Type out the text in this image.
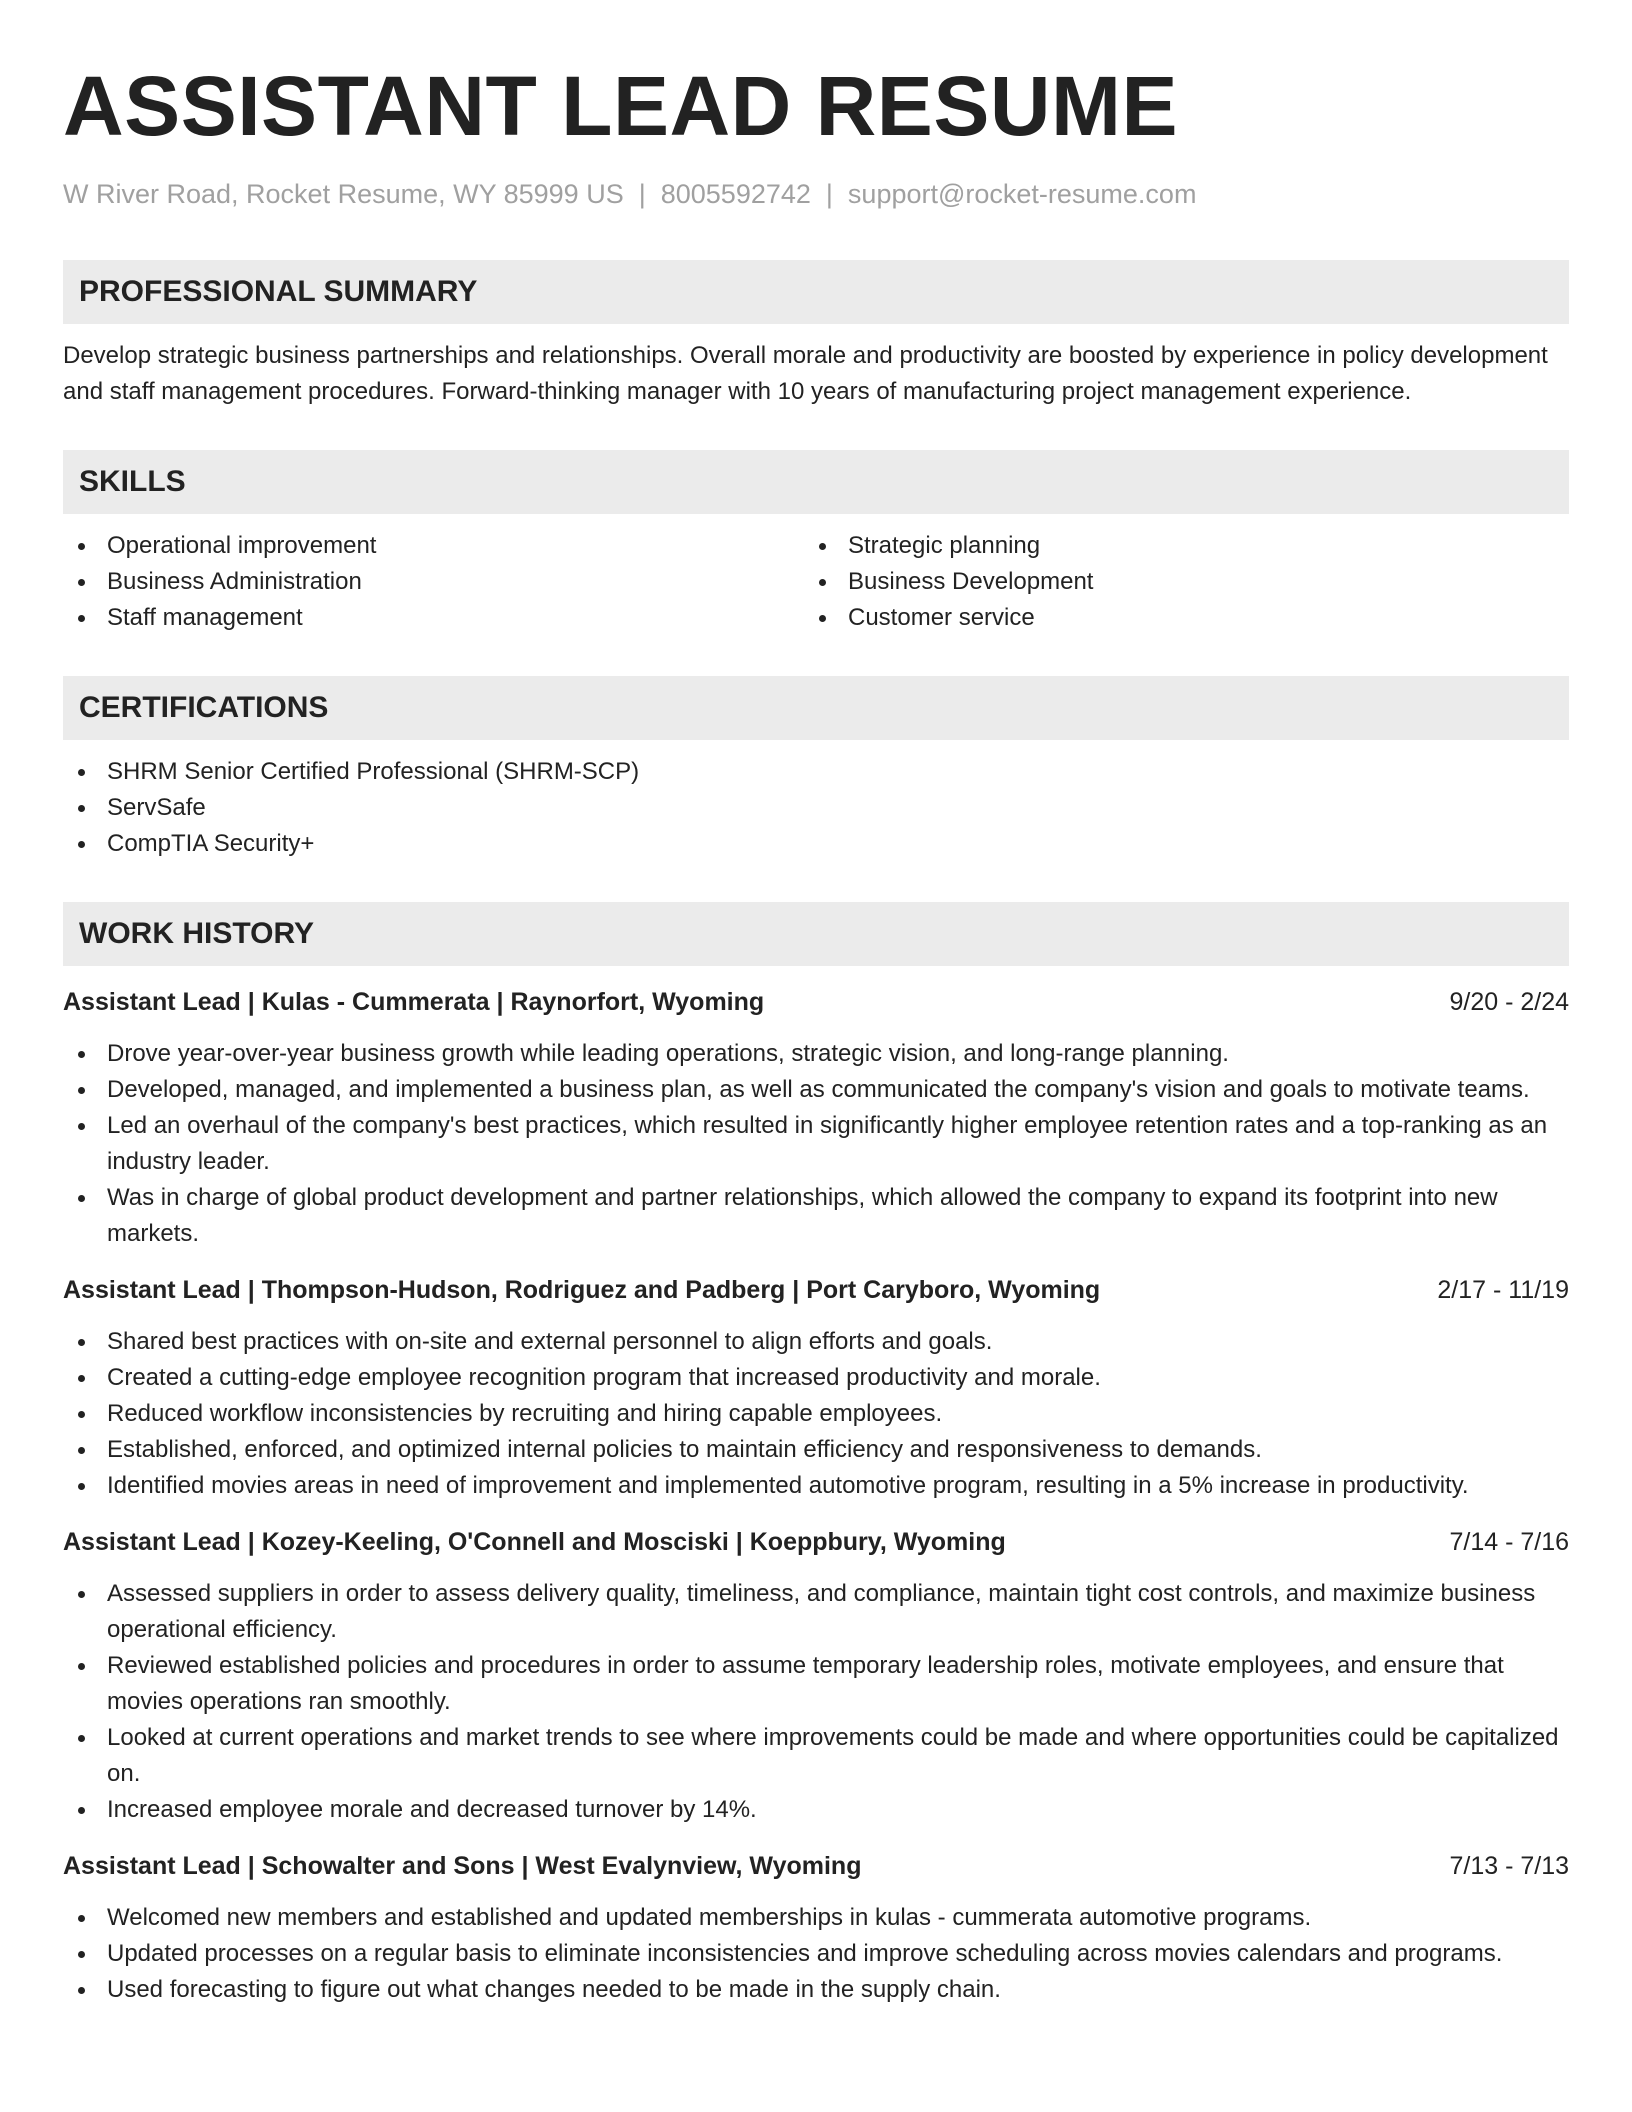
ASSISTANT LEAD RESUME
W River Road, Rocket Resume, WY 85999 US | 8005592742 | support@rocket-resume.com
PROFESSIONAL SUMMARY
Develop strategic business partnerships and relationships. Overall morale and productivity are boosted by experience in policy development and staff management procedures. Forward-thinking manager with 10 years of manufacturing project management experience.
SKILLS
Operational improvement
Business Administration
Staff management
Strategic planning
Business Development
Customer service
CERTIFICATIONS
SHRM Senior Certified Professional (SHRM-SCP)
ServSafe
CompTIA Security+
WORK HISTORY
Assistant Lead | Kulas - Cummerata | Raynorfort, Wyoming	9/20 - 2/24
Drove year-over-year business growth while leading operations, strategic vision, and long-range planning.
Developed, managed, and implemented a business plan, as well as communicated the company's vision and goals to motivate teams.
Led an overhaul of the company's best practices, which resulted in significantly higher employee retention rates and a top-ranking as an industry leader.
Was in charge of global product development and partner relationships, which allowed the company to expand its footprint into new markets.
Assistant Lead | Thompson-Hudson, Rodriguez and Padberg | Port Caryboro, Wyoming	2/17 - 11/19
Shared best practices with on-site and external personnel to align efforts and goals.
Created a cutting-edge employee recognition program that increased productivity and morale.
Reduced workflow inconsistencies by recruiting and hiring capable employees.
Established, enforced, and optimized internal policies to maintain efficiency and responsiveness to demands.
Identified movies areas in need of improvement and implemented automotive program, resulting in a 5% increase in productivity.
Assistant Lead | Kozey-Keeling, O'Connell and Mosciski | Koeppbury, Wyoming	7/14 - 7/16
Assessed suppliers in order to assess delivery quality, timeliness, and compliance, maintain tight cost controls, and maximize business operational efficiency.
Reviewed established policies and procedures in order to assume temporary leadership roles, motivate employees, and ensure that movies operations ran smoothly.
Looked at current operations and market trends to see where improvements could be made and where opportunities could be capitalized on.
Increased employee morale and decreased turnover by 14%.
Assistant Lead | Schowalter and Sons | West Evalynview, Wyoming	7/13 - 7/13
Welcomed new members and established and updated memberships in kulas - cummerata automotive programs.
Updated processes on a regular basis to eliminate inconsistencies and improve scheduling across movies calendars and programs.
Used forecasting to figure out what changes needed to be made in the supply chain.
